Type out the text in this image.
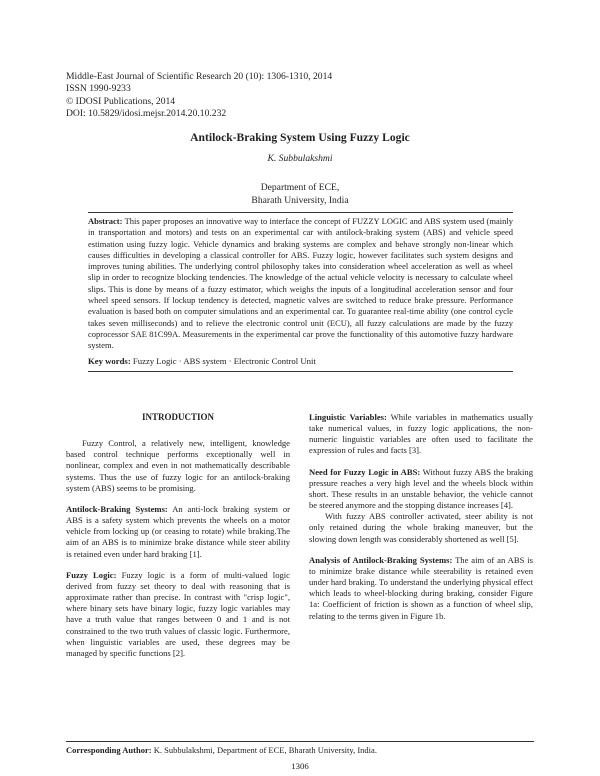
Middle-East Journal of Scientific Research 20 (10): 1306-1310, 2014
ISSN 1990-9233
© IDOSI Publications, 2014
DOI: 10.5829/idosi.mejsr.2014.20.10.232
Antilock-Braking System Using Fuzzy Logic
K. Subbulakshmi
Department of ECE,
Bharath University, India
Abstract: This paper proposes an innovative way to interface the concept of FUZZY LOGIC and ABS system used (mainly in transportation and motors) and tests on an experimental car with antilock-braking system (ABS) and vehicle speed estimation using fuzzy logic. Vehicle dynamics and braking systems are complex and behave strongly non-linear which causes difficulties in developing a classical controller for ABS. Fuzzy logic, however facilitates such system designs and improves tuning abilities. The underlying control philosophy takes into consideration wheel acceleration as well as wheel slip in order to recognize blocking tendencies. The knowledge of the actual vehicle velocity is necessary to calculate wheel slips. This is done by means of a fuzzy estimator, which weighs the inputs of a longitudinal acceleration sensor and four wheel speed sensors. If lockup tendency is detected, magnetic valves are switched to reduce brake pressure. Performance evaluation is based both on computer simulations and an experimental car. To guarantee real-time ability (one control cycle takes seven milliseconds) and to relieve the electronic control unit (ECU), all fuzzy calculations are made by the fuzzy coprocessor SAE 81C99A. Measurements in the experimental car prove the functionality of this automotive fuzzy hardware system.
Key words: Fuzzy Logic · ABS system · Electronic Control Unit

INTRODUCTION

Fuzzy Control, a relatively new, intelligent, knowledge based control technique performs exceptionally well in nonlinear, complex and even in not mathematically describable systems. Thus the use of fuzzy logic for an antilock-braking system (ABS) seems to be promising.

Antilock-Braking Systems: An anti-lock braking system or ABS is a safety system which prevents the wheels on a motor vehicle from locking up (or ceasing to rotate) while braking.The aim of an ABS is to minimize brake distance while steer ability is retained even under hard braking [1].

Fuzzy Logic: Fuzzy logic is a form of multi-valued logic derived from fuzzy set theory to deal with reasoning that is approximate rather than precise. In contrast with "crisp logic", where binary sets have binary logic, fuzzy logic variables may have a truth value that ranges between 0 and 1 and is not constrained to the two truth values of classic logic. Furthermore, when linguistic variables are used, these degrees may be managed by specific functions [2].

Linguistic Variables: While variables in mathematics usually take numerical values, in fuzzy logic applications, the non-numeric linguistic variables are often used to facilitate the expression of rules and facts [3].

Need for Fuzzy Logic in ABS: Without fuzzy ABS the braking pressure reaches a very high level and the wheels block within short. These results in an unstable behavior, the vehicle cannot be steered anymore and the stopping distance increases [4].

With fuzzy ABS controller activated, steer ability is not only retained during the whole braking maneuver, but the slowing down length was considerably shortened as well [5].

Analysis of Antilock-Braking Systems: The aim of an ABS is to minimize brake distance while steerability is retained even under hard braking. To understand the underlying physical effect which leads to wheel-blocking during braking, consider Figure 1a: Coefficient of friction is shown as a function of wheel slip, relating to the terms given in Figure 1b.

Corresponding Author: K. Subbulakshmi, Department of ECE, Bharath University, India.
1306
